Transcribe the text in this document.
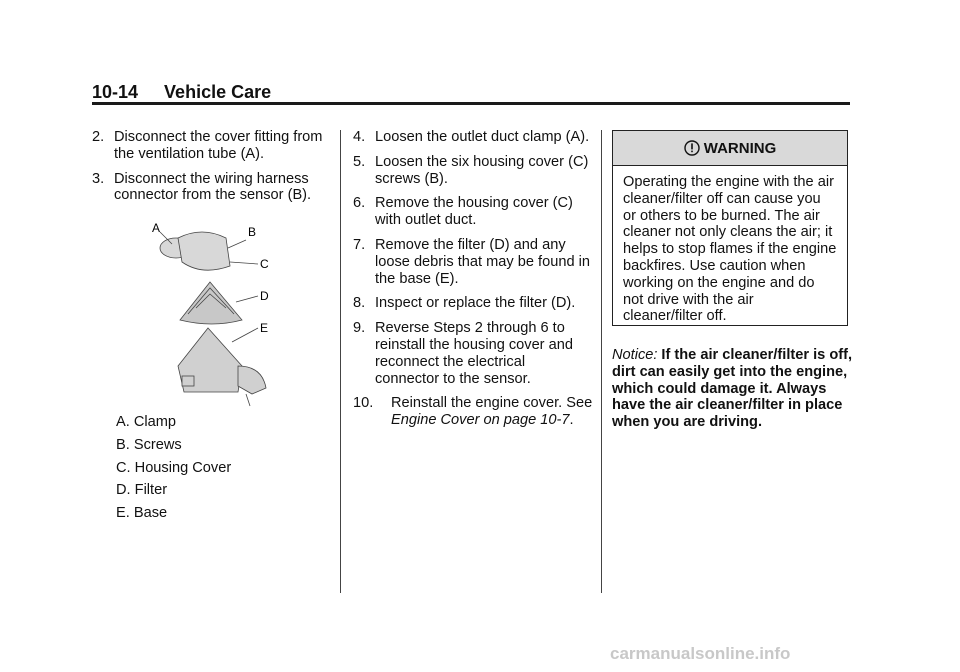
10-14 Vehicle Care
2. Disconnect the cover fitting from the ventilation tube (A).
3. Disconnect the wiring harness connector from the sensor (B).
A	B
C
D
E
A. Clamp
B. Screws
C. Housing Cover
D. Filter
E. Base
4. Loosen the outlet duct clamp (A).
5. Loosen the six housing cover (C) screws (B).
6. Remove the housing cover (C) with outlet duct.
7. Remove the filter (D) and any loose debris that may be found in the base (E).
8. Inspect or replace the filter (D).
9. Reverse Steps 2 through 6 to reinstall the housing cover and reconnect the electrical connector to the sensor.
10. Reinstall the engine cover. See Engine Cover on page 10-7.
WARNING
Operating the engine with the air cleaner/filter off can cause you or others to be burned. The air cleaner not only cleans the air; it helps to stop flames if the engine backfires. Use caution when working on the engine and do not drive with the air cleaner/filter off.
Notice: If the air cleaner/filter is off, dirt can easily get into the engine, which could damage it. Always have the air cleaner/filter in place when you are driving.
carmanualsonline.info
